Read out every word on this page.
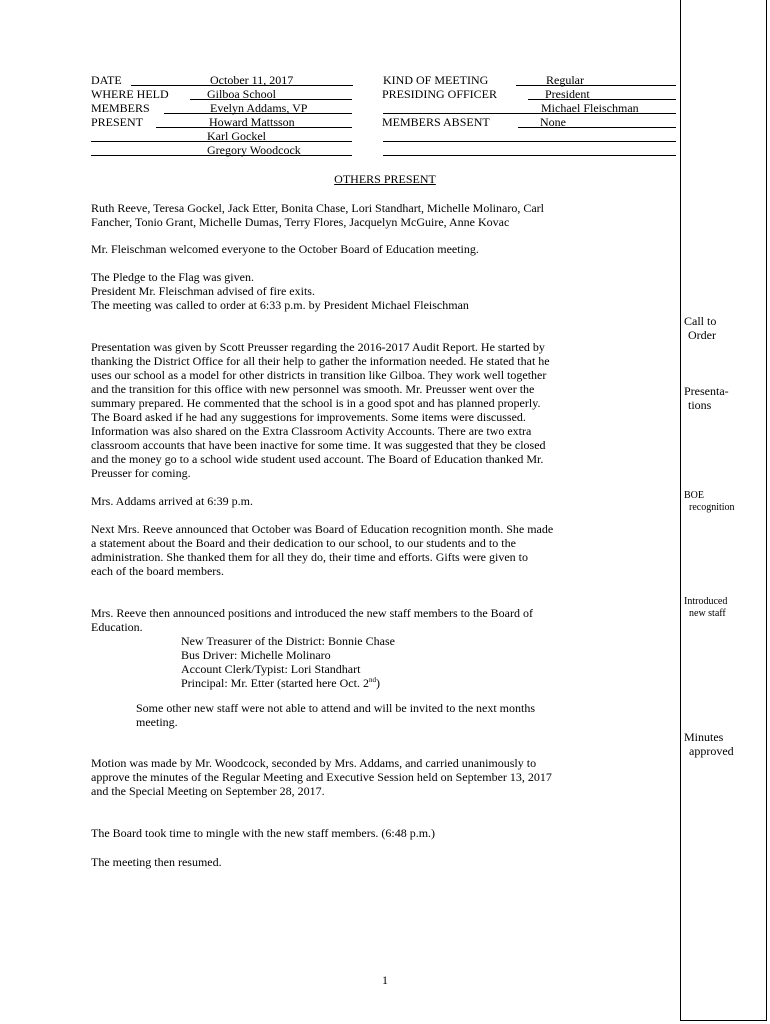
DATE	October 11, 2017
WHERE HELD	Gilboa School
MEMBERS	Evelyn Addams, VP
PRESENT	Howard Mattsson
Karl Gockel
Gregory Woodcock
KIND OF MEETING	Regular
PRESIDING OFFICER	President
Michael Fleischman
MEMBERS ABSENT	None
OTHERS PRESENT
Ruth Reeve, Teresa Gockel, Jack Etter, Bonita Chase, Lori Standhart, Michelle Molinaro, Carl
Fancher, Tonio Grant, Michelle Dumas, Terry Flores, Jacquelyn McGuire, Anne Kovac
Mr. Fleischman welcomed everyone to the October Board of Education meeting.
The Pledge to the Flag was given.
President Mr. Fleischman advised of fire exits.
The meeting was called to order at 6:33 p.m. by President Michael Fleischman
Presentation was given by Scott Preusser regarding the 2016-2017 Audit Report. He started by
thanking the District Office for all their help to gather the information needed. He stated that he
uses our school as a model for other districts in transition like Gilboa. They work well together
and the transition for this office with new personnel was smooth. Mr. Preusser went over the
summary prepared. He commented that the school is in a good spot and has planned properly.
The Board asked if he had any suggestions for improvements. Some items were discussed.
Information was also shared on the Extra Classroom Activity Accounts. There are two extra
classroom accounts that have been inactive for some time. It was suggested that they be closed
and the money go to a school wide student used account. The Board of Education thanked Mr.
Preusser for coming.
Mrs. Addams arrived at 6:39 p.m.
Next Mrs. Reeve announced that October was Board of Education recognition month. She made
a statement about the Board and their dedication to our school, to our students and to the
administration. She thanked them for all they do, their time and efforts. Gifts were given to
each of the board members.
Mrs. Reeve then announced positions and introduced the new staff members to the Board of
Education.
New Treasurer of the District: Bonnie Chase
Bus Driver: Michelle Molinaro
Account Clerk/Typist: Lori Standhart
Principal: Mr. Etter (started here Oct. 2nd)
Some other new staff were not able to attend and will be invited to the next months
meeting.
Motion was made by Mr. Woodcock, seconded by Mrs. Addams, and carried unanimously to
approve the minutes of the Regular Meeting and Executive Session held on September 13, 2017
and the Special Meeting on September 28, 2017.
The Board took time to mingle with the new staff members. (6:48 p.m.)
The meeting then resumed.
Call to
Order
Presenta-
tions
BOE
recognition
Introduced
new staff
Minutes
approved
1
